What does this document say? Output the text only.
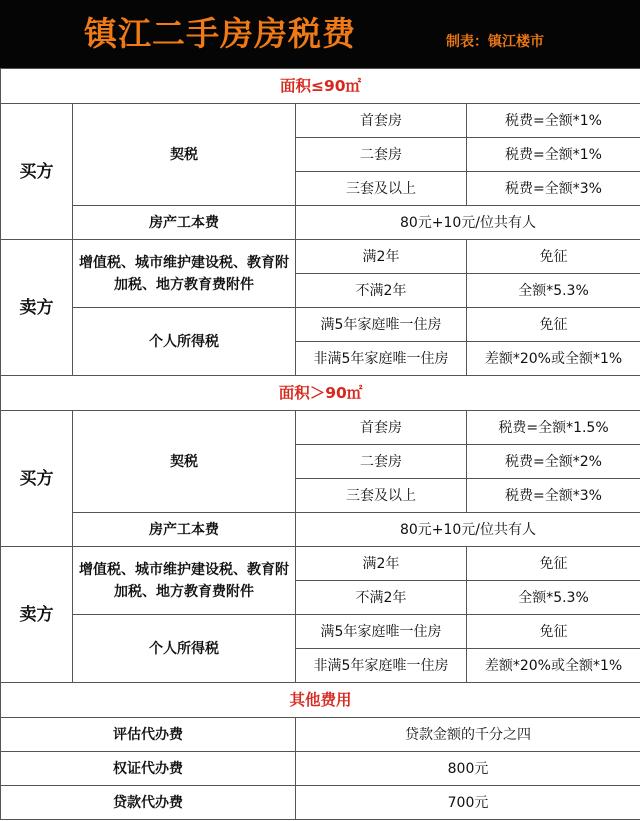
镇江二手房房税费	制表：镇江楼市
面积≤90㎡			
买方	契税	首套房	税费=全额*1%
		二套房	税费=全额*1%
		三套及以上	税费=全额*3%
	房产工本费	80元+10元/位共有人	
卖方	增值税、城市维护建设税、教育附加税、地方教育费附件	满2年	免征
		不满2年	全额*5.3%
	个人所得税	满5年家庭唯一住房	免征
		非满5年家庭唯一住房	差额*20%或全额*1%
面积＞90㎡			
买方	契税	首套房	税费=全额*1.5%
		二套房	税费=全额*2%
		三套及以上	税费=全额*3%
	房产工本费	80元+10元/位共有人	
卖方	增值税、城市维护建设税、教育附加税、地方教育费附件	满2年	免征
		不满2年	全额*5.3%
	个人所得税	满5年家庭唯一住房	免征
		非满5年家庭唯一住房	差额*20%或全额*1%
其他费用			
评估代办费		贷款金额的千分之四	
权证代办费		800元	
贷款代办费		700元	
